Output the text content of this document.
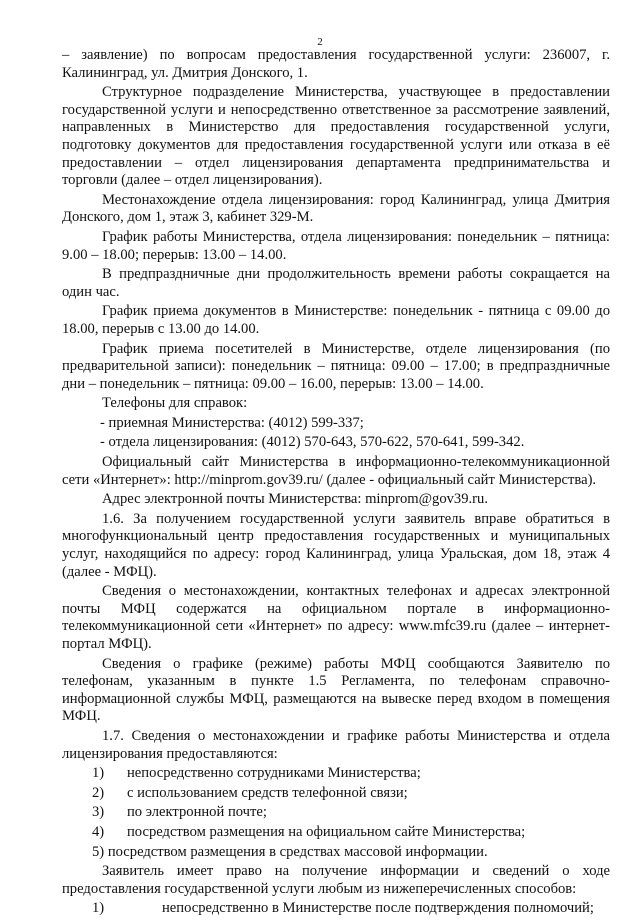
2

– заявление) по вопросам предоставления государственной услуги: 236007, г. Калининград, ул. Дмитрия Донского, 1.

Структурное подразделение Министерства, участвующее в предоставлении государственной услуги и непосредственно ответственное за рассмотрение заявлений, направленных в Министерство для предоставления государственной услуги, подготовку документов для предоставления государственной услуги или отказа в её предоставлении – отдел лицензирования департамента предпринимательства и торговли (далее – отдел лицензирования).

Местонахождение отдела лицензирования: город Калининград, улица Дмитрия Донского, дом 1, этаж 3, кабинет 329-М.

График работы Министерства, отдела лицензирования: понедельник – пятница: 9.00 – 18.00; перерыв: 13.00 – 14.00.

В предпраздничные дни продолжительность времени работы сокращается на один час.

График приема документов в Министерстве: понедельник - пятница с 09.00 до 18.00, перерыв с 13.00 до 14.00.

График приема посетителей в Министерстве, отделе лицензирования (по предварительной записи): понедельник – пятница: 09.00 – 17.00; в предпраздничные дни – понедельник – пятница: 09.00 – 16.00, перерыв: 13.00 – 14.00.

Телефоны для справок:

- приемная Министерства: (4012) 599-337;

- отдела лицензирования: (4012) 570-643, 570-622, 570-641, 599-342.

Официальный сайт Министерства в информационно-телекоммуникационной сети «Интернет»: http://minprom.gov39.ru/ (далее - официальный сайт Министерства).

Адрес электронной почты Министерства: minprom@gov39.ru.

1.6. За получением государственной услуги заявитель вправе обратиться в многофункциональный центр предоставления государственных и муниципальных услуг, находящийся по адресу: город Калининград, улица Уральская, дом 18, этаж 4 (далее - МФЦ).

Сведения о местонахождении, контактных телефонах и адресах электронной почты МФЦ содержатся на официальном портале в информационно-телекоммуникационной сети «Интернет» по адресу: www.mfc39.ru (далее – интернет-портал МФЦ).

Сведения о графике (режиме) работы МФЦ сообщаются Заявителю по телефонам, указанным в пункте 1.5 Регламента, по телефонам справочно-информационной службы МФЦ, размещаются на вывеске перед входом в помещения МФЦ.

1.7. Сведения о местонахождении и графике работы Министерства и отдела лицензирования предоставляются:

1)	непосредственно сотрудниками Министерства;
2)	с использованием средств телефонной связи;
3)	по электронной почте;
4)	посредством размещения на официальном сайте Министерства;
5) посредством размещения в средствах массовой информации.

Заявитель имеет право на получение информации и сведений о ходе предоставления государственной услуги любым из нижеперечисленных способов:

1)	непосредственно в Министерстве после подтверждения полномочий;
